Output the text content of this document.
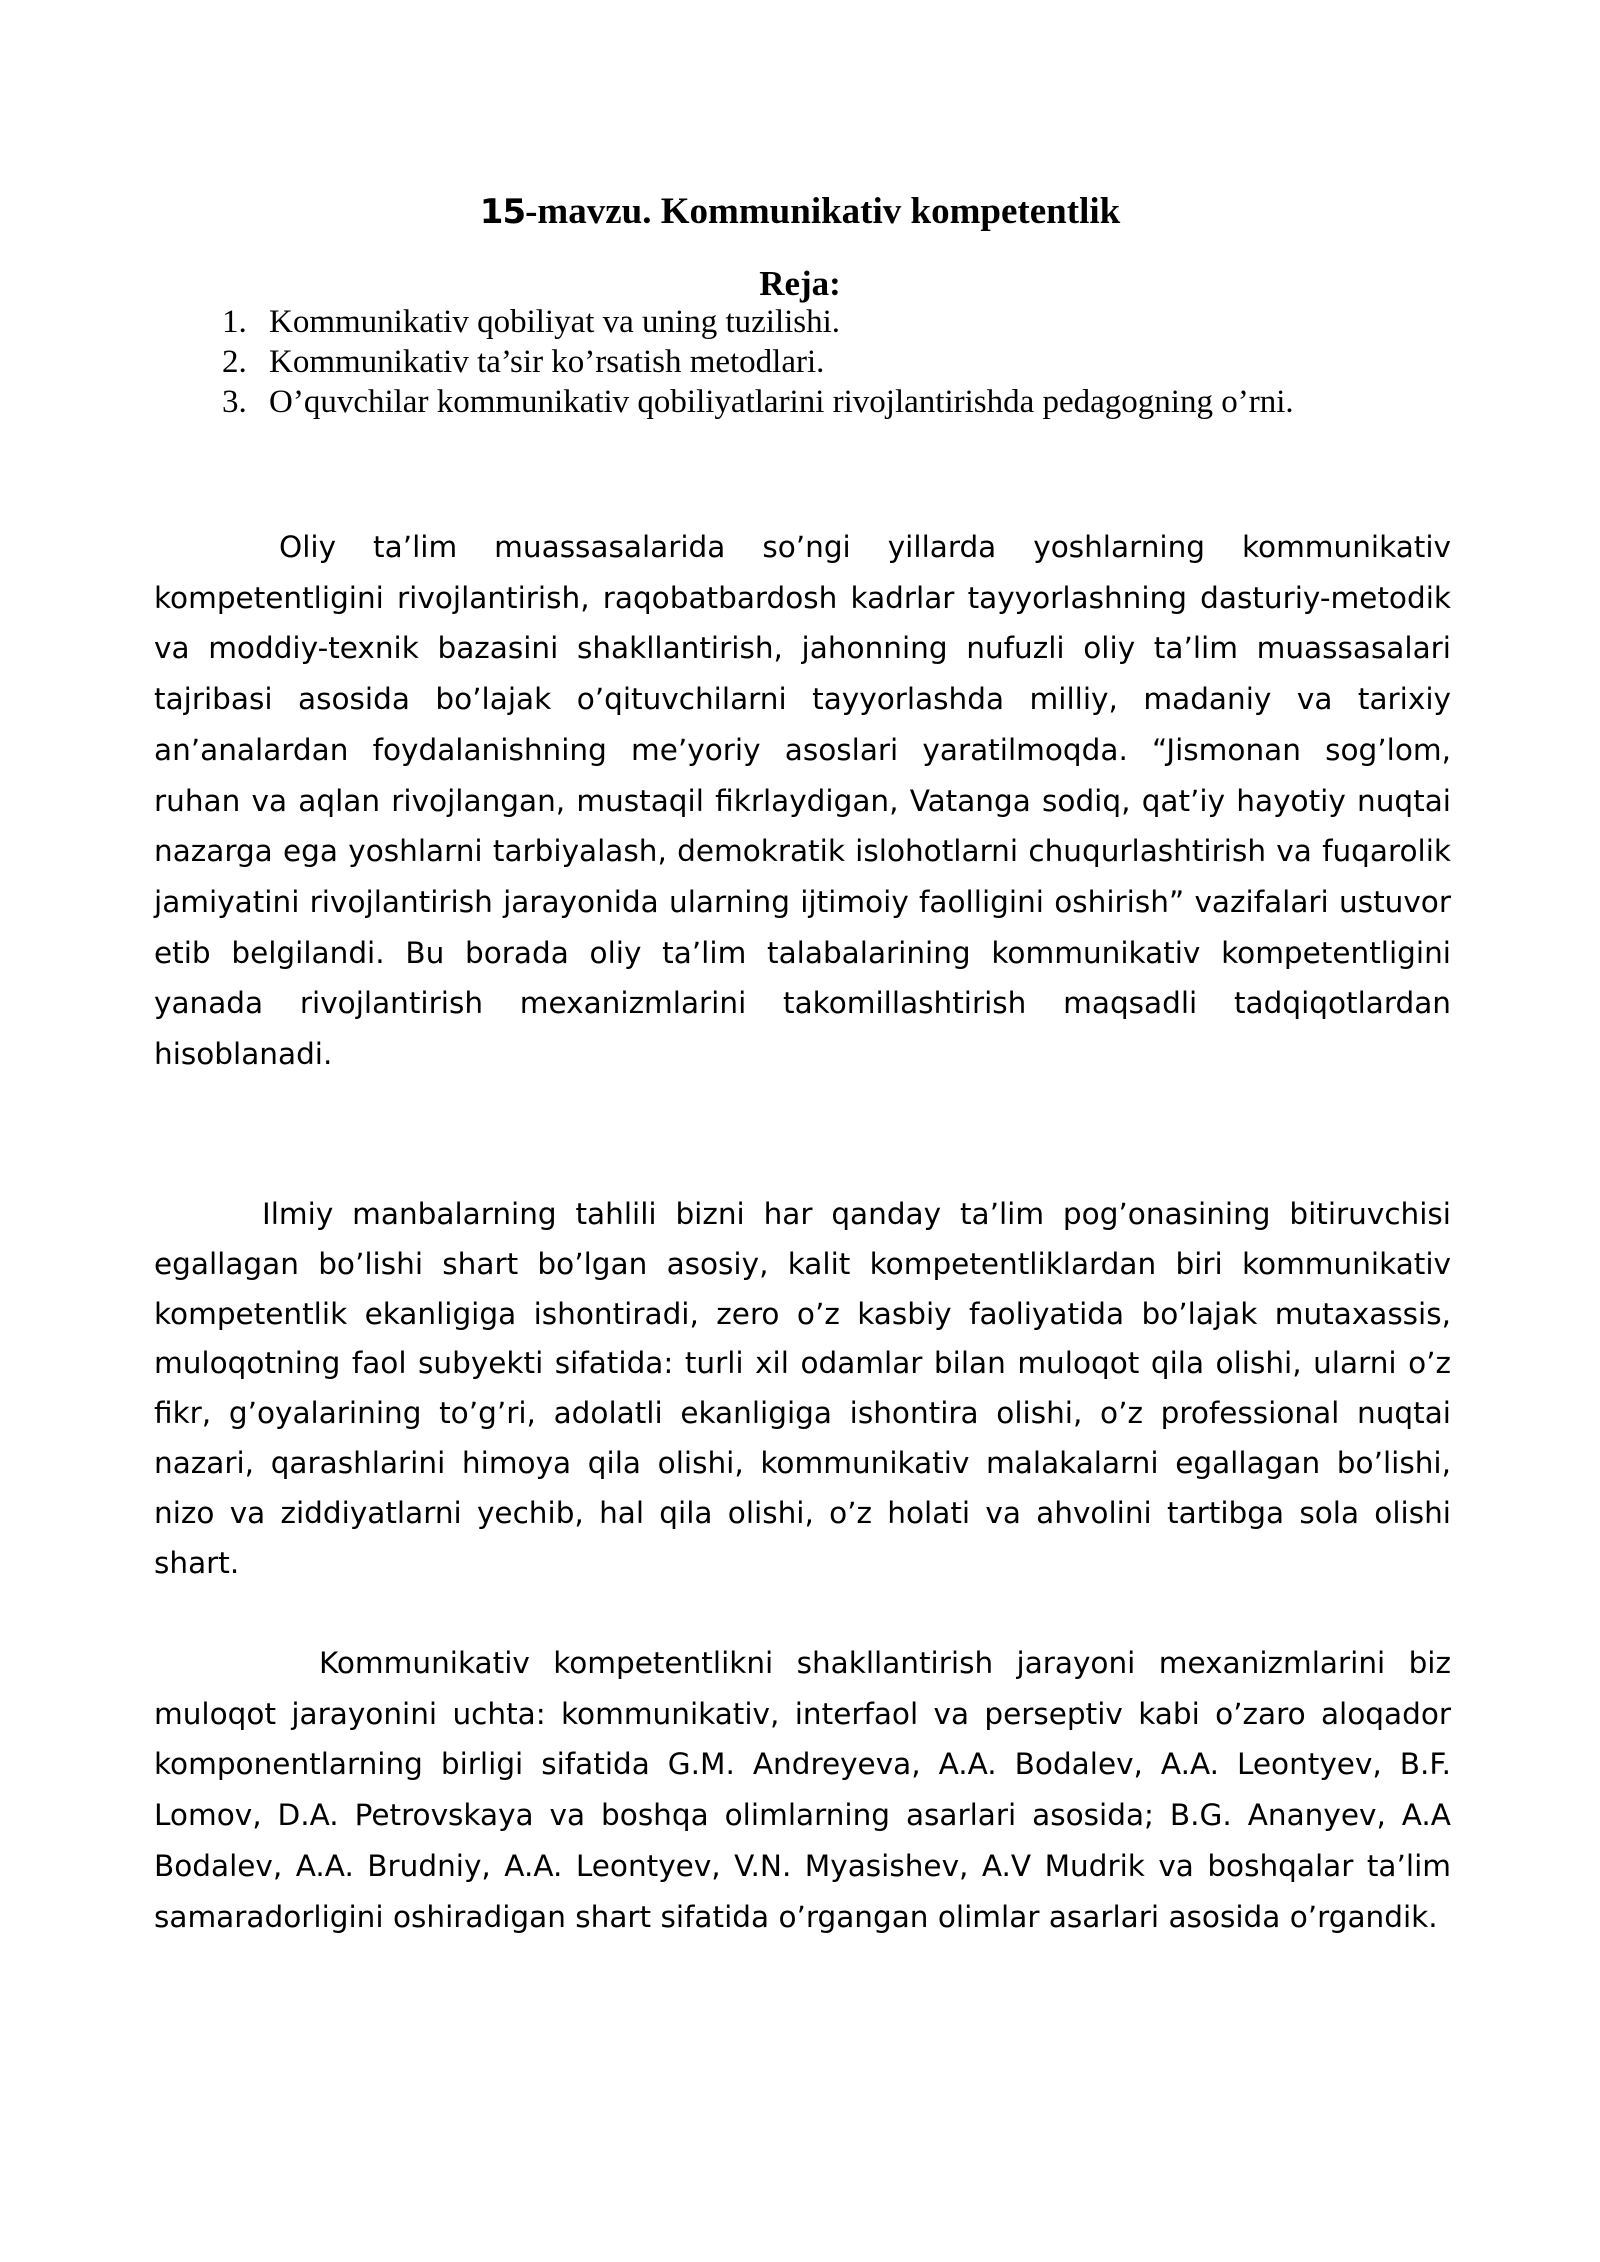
15-mavzu. Kommunikativ kompetentlik
Reja:
1. Kommunikativ qobiliyat va uning tuzilishi.
2. Kommunikativ ta’sir ko’rsatish metodlari.
3. O’quvchilar kommunikativ qobiliyatlarini rivojlantirishda pedagogning o’rni.

Oliy ta’lim muassasalarida so’ngi yillarda yoshlarning kommunikativ kompetentligini rivojlantirish, raqobatbardosh kadrlar tayyorlashning dasturiy-metodik va moddiy-texnik bazasini shakllantirish, jahonning nufuzli oliy ta’lim muassasalari tajribasi asosida bo’lajak o’qituvchilarni tayyorlashda milliy, madaniy va tarixiy an’analardan foydalanishning me’yoriy asoslari yaratilmoqda. “Jismonan sog’lom, ruhan va aqlan rivojlangan, mustaqil fikrlaydigan, Vatanga sodiq, qat’iy hayotiy nuqtai nazarga ega yoshlarni tarbiyalash, demokratik islohotlarni chuqurlashtirish va fuqarolik jamiyatini rivojlantirish jarayonida ularning ijtimoiy faolligini oshirish” vazifalari ustuvor etib belgilandi. Bu borada oliy ta’lim talabalarining kommunikativ kompetentligini yanada rivojlantirish mexanizmlarini takomillashtirish maqsadli tadqiqotlardan hisoblanadi.

Ilmiy manbalarning tahlili bizni har qanday ta’lim pog’onasining bitiruvchisi egallagan bo’lishi shart bo’lgan asosiy, kalit kompetentliklardan biri kommunikativ kompetentlik ekanligiga ishontiradi, zero o’z kasbiy faoliyatida bo’lajak mutaxassis, muloqotning faol subyekti sifatida: turli xil odamlar bilan muloqot qila olishi, ularni o’z fikr, g’oyalarining to’g’ri, adolatli ekanligiga ishontira olishi, o’z professional nuqtai nazari, qarashlarini himoya qila olishi, kommunikativ malakalarni egallagan bo’lishi, nizo va ziddiyatlarni yechib, hal qila olishi, o’z holati va ahvolini tartibga sola olishi shart.

Kommunikativ kompetentlikni shakllantirish jarayoni mexanizmlarini biz muloqot jarayonini uchta: kommunikativ, interfaol va perseptiv kabi o’zaro aloqador komponentlarning birligi sifatida G.M. Andreyeva, A.A. Bodalev, A.A. Leontyev, B.F. Lomov, D.A. Petrovskaya va boshqa olimlarning asarlari asosida; B.G. Ananyev, A.A Bodalev, A.A. Brudniy, A.A. Leontyev, V.N. Myasishev, A.V Mudrik va boshqalar ta’lim samaradorligini oshiradigan shart sifatida o’rgangan olimlar asarlari asosida o’rgandik.
